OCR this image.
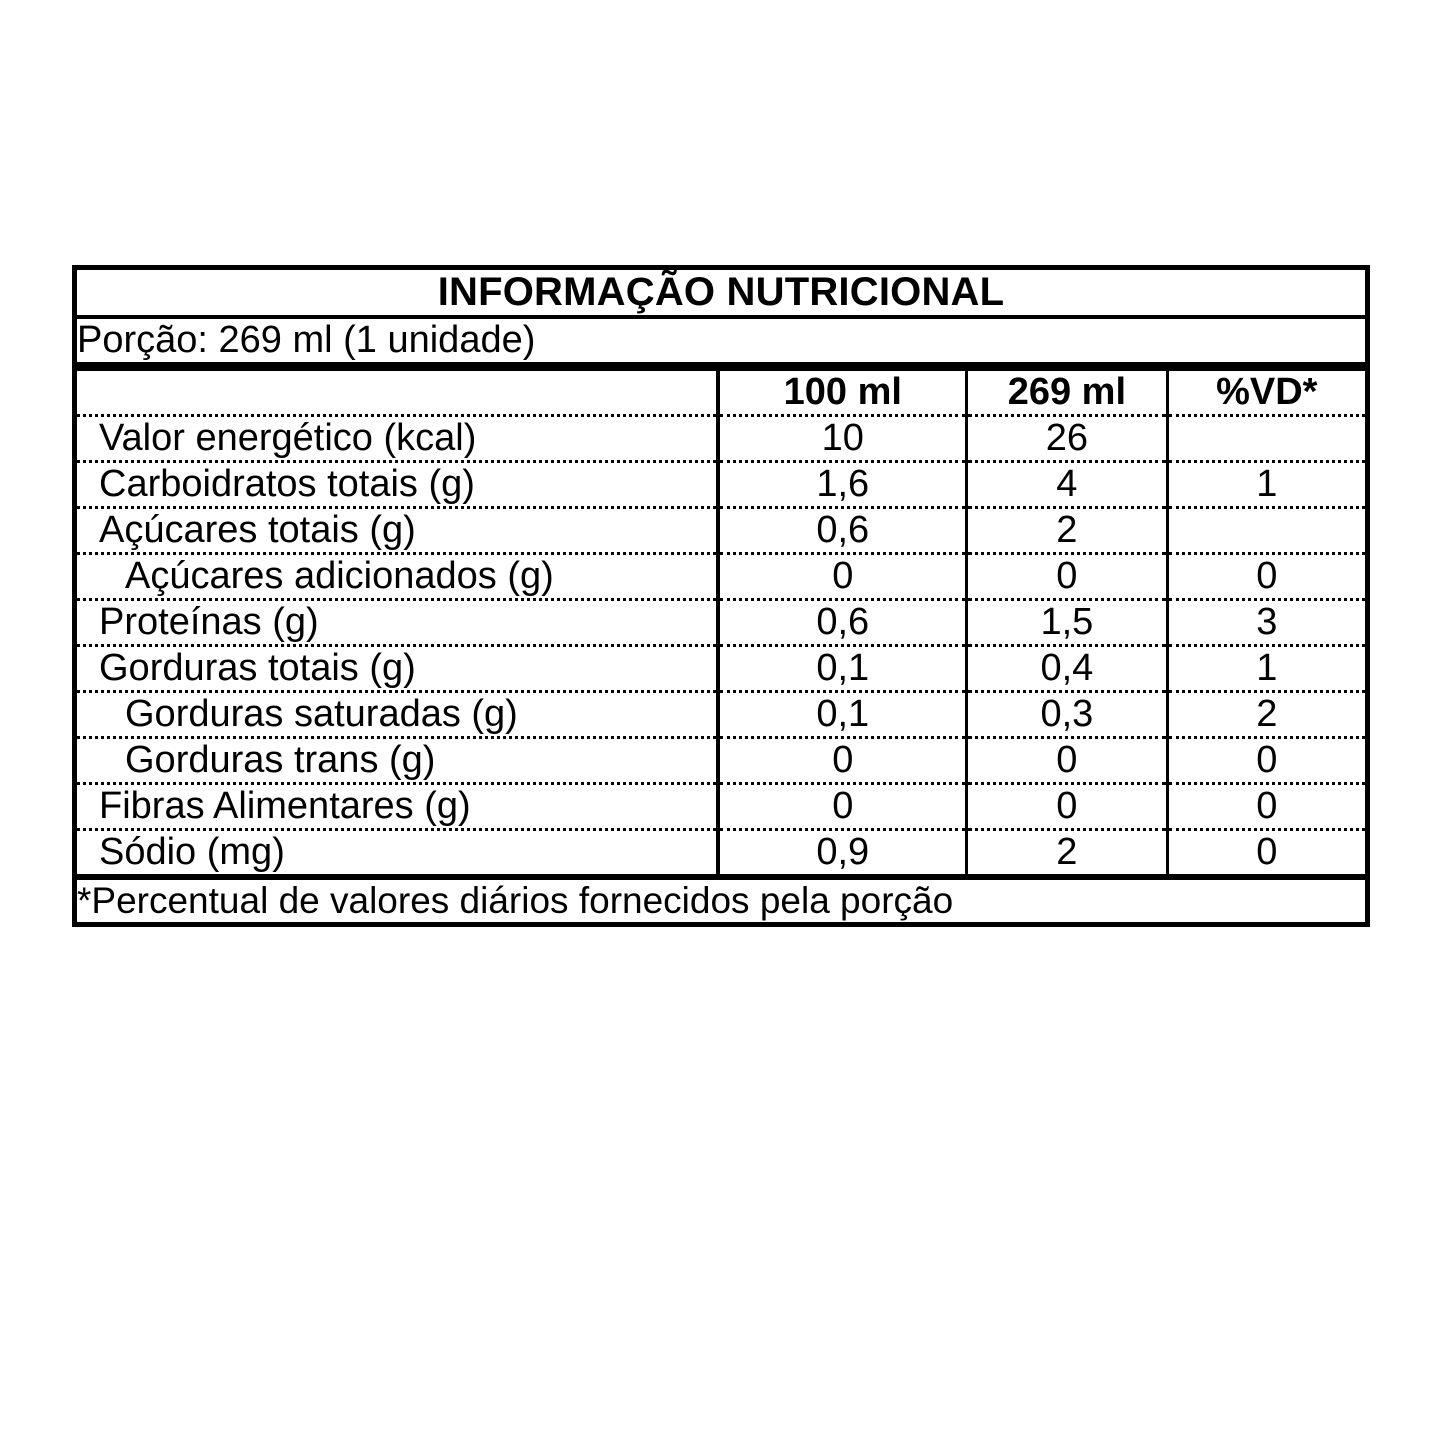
INFORMAÇÃO NUTRICIONAL			
Porção: 269 ml (1 unidade)			
	100 ml	269 ml	%VD*
Valor energético (kcal)	10	26	
Carboidratos totais (g)	1,6	4	1
Açúcares totais (g)	0,6	2	
Açúcares adicionados (g)	0	0	0
Proteínas (g)	0,6	1,5	3
Gorduras totais (g)	0,1	0,4	1
Gorduras saturadas (g)	0,1	0,3	2
Gorduras trans (g)	0	0	0
Fibras Alimentares (g)	0	0	0
Sódio (mg)	0,9	2	0
*Percentual de valores diários fornecidos pela porção			
